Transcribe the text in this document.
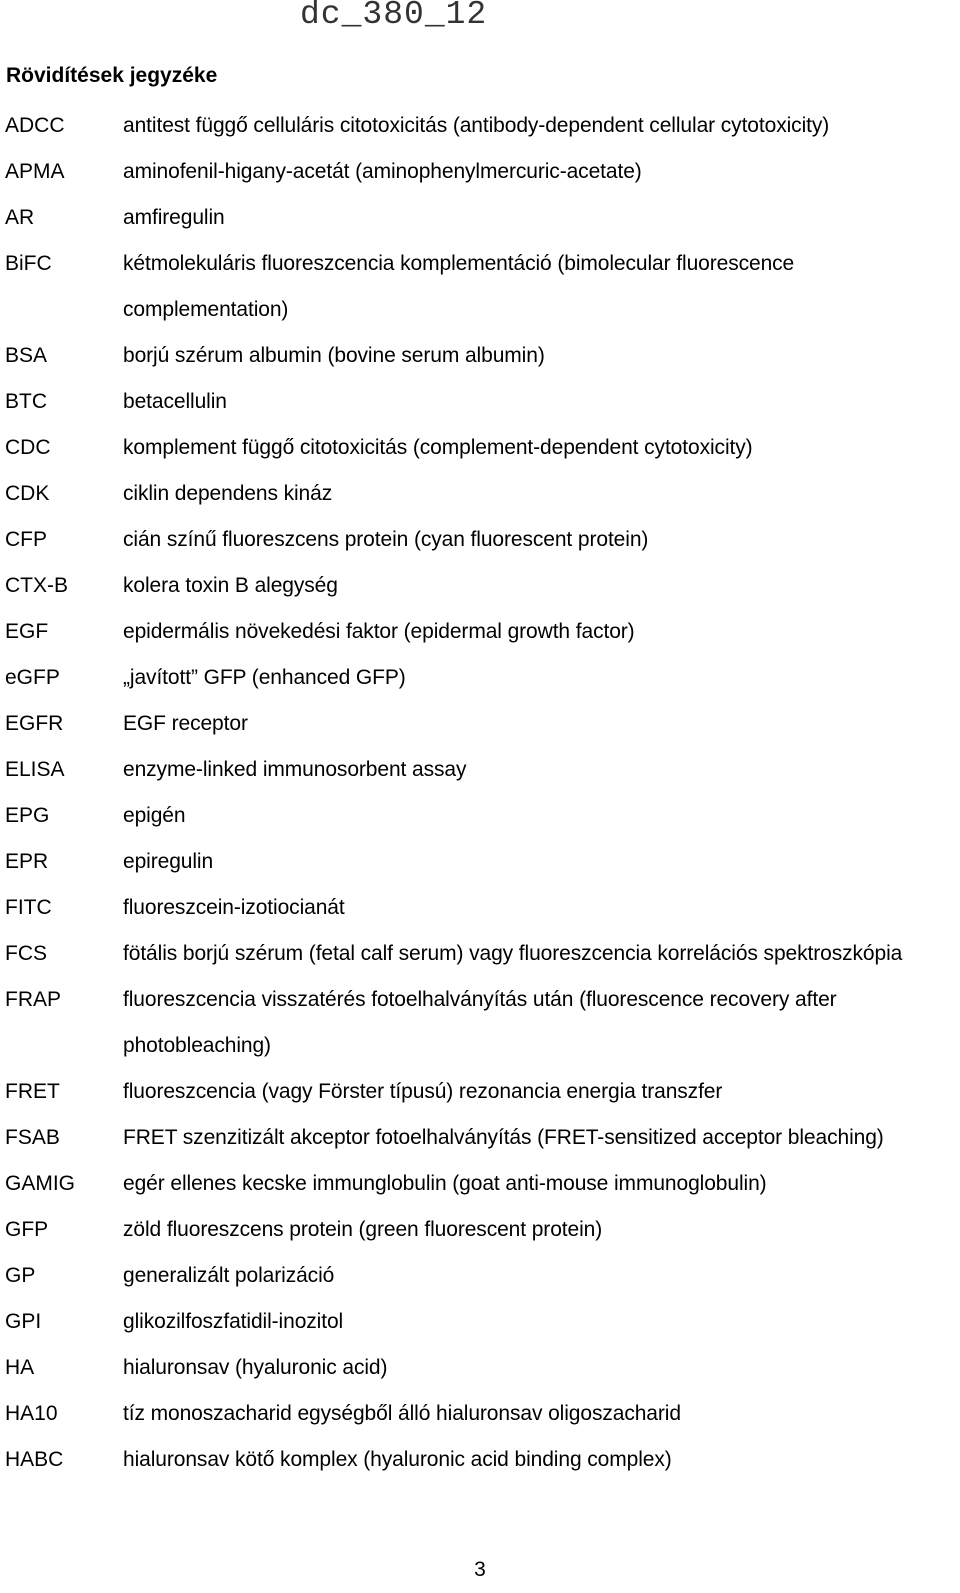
dc_380_12
Rövidítések jegyzéke
ADCC	antitest függő celluláris citotoxicitás (antibody-dependent cellular cytotoxicity)
APMA	aminofenil-higany-acetát (aminophenylmercuric-acetate)
AR	amfiregulin
BiFC	kétmolekuláris fluoreszcencia komplementáció (bimolecular fluorescence complementation)
BSA	borjú szérum albumin (bovine serum albumin)
BTC	betacellulin
CDC	komplement függő citotoxicitás (complement-dependent cytotoxicity)
CDK	ciklin dependens kináz
CFP	cián színű fluoreszcens protein (cyan fluorescent protein)
CTX-B	kolera toxin B alegység
EGF	epidermális növekedési faktor (epidermal growth factor)
eGFP	„javított” GFP (enhanced GFP)
EGFR	EGF receptor
ELISA	enzyme-linked immunosorbent assay
EPG	epigén
EPR	epiregulin
FITC	fluoreszcein-izotiocianát
FCS	fötális borjú szérum (fetal calf serum) vagy fluoreszcencia korrelációs spektroszkópia
FRAP	fluoreszcencia visszatérés fotoelhalványítás után (fluorescence recovery after photobleaching)
FRET	fluoreszcencia (vagy Förster típusú) rezonancia energia transzfer
FSAB	FRET szenzitizált akceptor fotoelhalványítás (FRET-sensitized acceptor bleaching)
GAMIG	egér ellenes kecske immunglobulin (goat anti-mouse immunoglobulin)
GFP	zöld fluoreszcens protein (green fluorescent protein)
GP	generalizált polarizáció
GPI	glikozilfoszfatidil-inozitol
HA	hialuronsav (hyaluronic acid)
HA10	tíz monoszacharid egységből álló hialuronsav oligoszacharid
HABC	hialuronsav kötő komplex (hyaluronic acid binding complex)
3
